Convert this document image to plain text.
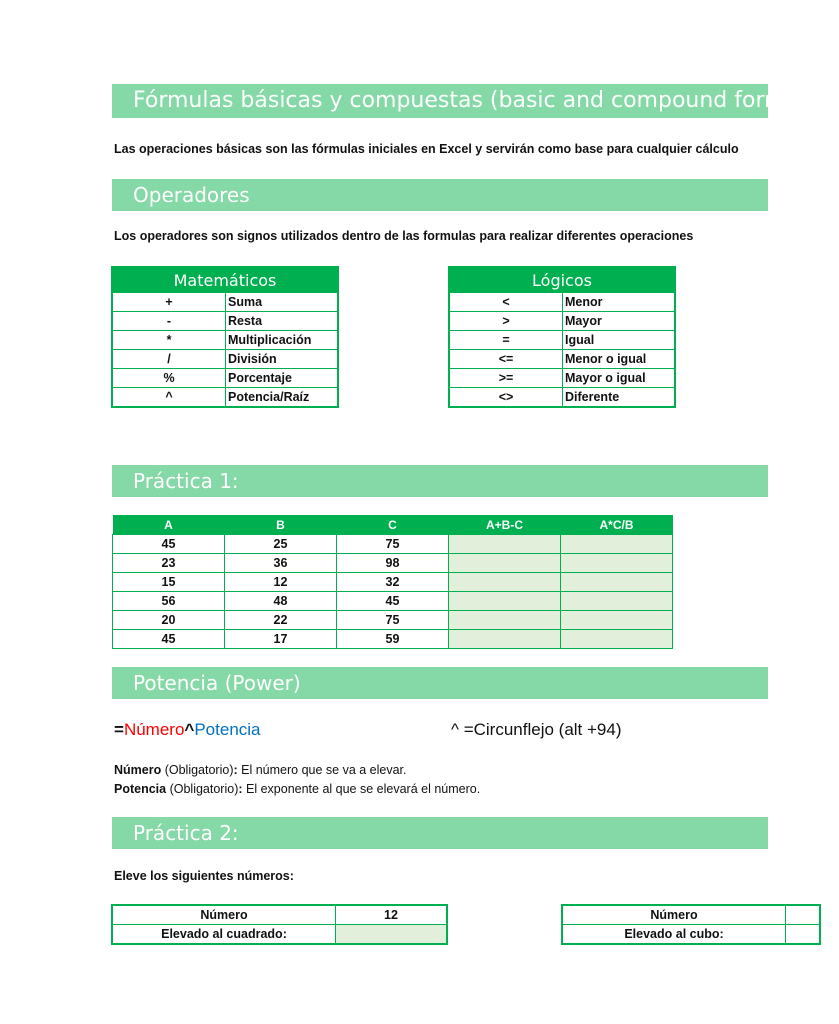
Fórmulas básicas y compuestas (basic and compound formulas)
Las operaciones básicas son las fórmulas iniciales en Excel y servirán como base para cualquier cálculo
Operadores
Los operadores son signos utilizados dentro de las formulas para realizar diferentes operaciones
Matemáticos	
+	Suma
-	Resta
*	Multiplicación
/	División
%	Porcentaje
^	Potencia/Raíz
Lógicos	
<	Menor
>	Mayor
=	Igual
<=	Menor o igual
>=	Mayor o igual
<>	Diferente
Práctica 1:
A	B	C	A+B-C	A*C/B
45	25	75		
23	36	98		
15	12	32		
56	48	45		
20	22	75		
45	17	59		
Potencia (Power)
=Número^Potencia	^ =Circunflejo (alt +94)
Número (Obligatorio): El número que se va a elevar.
Potencia (Obligatorio): El exponente al que se elevará el número.
Práctica 2:
Eleve los siguientes números:
Número	12
Elevado al cuadrado:	
Número	
Elevado al cubo:	
